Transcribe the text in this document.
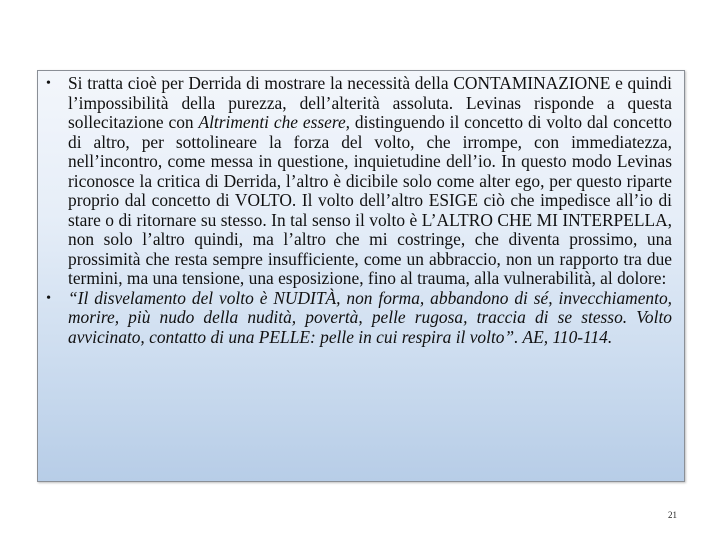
• Si tratta cioè per Derrida di mostrare la necessità della CONTAMINAZIONE e quindi l’impossibilità della purezza, dell’alterità assoluta. Levinas risponde a questa sollecitazione con Altrimenti che essere, distinguendo il concetto di volto dal concetto di altro, per sottolineare la forza del volto, che irrompe, con immediatezza, nell’incontro, come messa in questione, inquietudine dell’io. In questo modo Levinas riconosce la critica di Derrida, l’altro è dicibile solo come alter ego, per questo riparte proprio dal concetto di VOLTO. Il volto dell’altro ESIGE ciò che impedisce all’io di stare o di ritornare su stesso. In tal senso il volto è L’ALTRO CHE MI INTERPELLA, non solo l’altro quindi, ma l’altro che mi costringe, che diventa prossimo, una prossimità che resta sempre insufficiente, come un abbraccio, non un rapporto tra due termini, ma una tensione, una esposizione, fino al trauma, alla vulnerabilità, al dolore:

• “Il disvelamento del volto è NUDITÀ, non forma, abbandono di sé, invecchiamento, morire, più nudo della nudità, povertà, pelle rugosa, traccia di se stesso. Volto avvicinato, contatto di una PELLE: pelle in cui respira il volto”. AE, 110-114.

21
